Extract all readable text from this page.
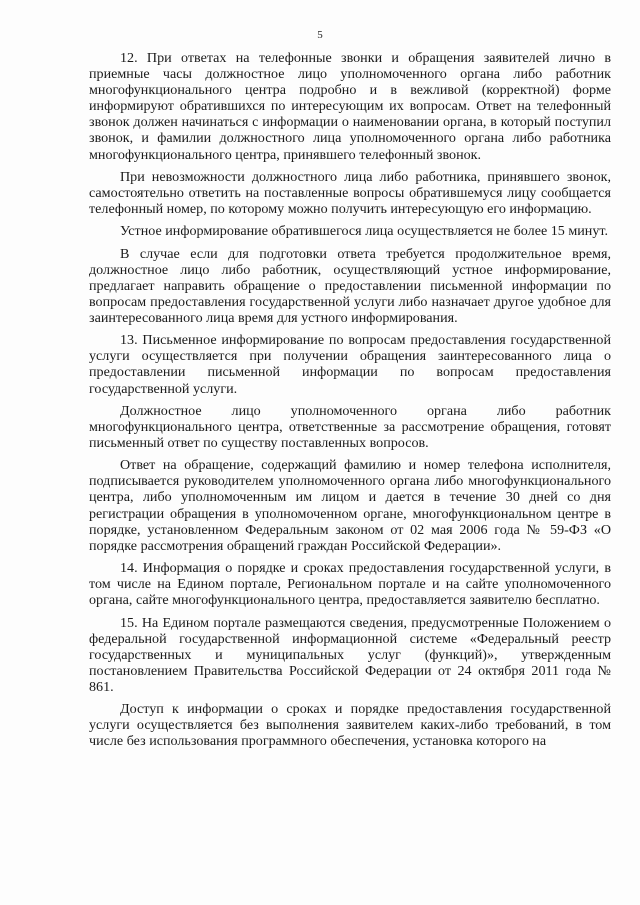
5

12. При ответах на телефонные звонки и обращения заявителей лично в приемные часы должностное лицо уполномоченного органа либо работник многофункционального центра подробно и в вежливой (корректной) форме информируют обратившихся по интересующим их вопросам. Ответ на телефонный звонок должен начинаться с информации о наименовании органа, в который поступил звонок, и фамилии должностного лица уполномоченного органа либо работника многофункционального центра, принявшего телефонный звонок.

При невозможности должностного лица либо работника, принявшего звонок, самостоятельно ответить на поставленные вопросы обратившемуся лицу сообщается телефонный номер, по которому можно получить интересующую его информацию.

Устное информирование обратившегося лица осуществляется не более 15 минут.

В случае если для подготовки ответа требуется продолжительное время, должностное лицо либо работник, осуществляющий устное информирование, предлагает направить обращение о предоставлении письменной информации по вопросам предоставления государственной услуги либо назначает другое удобное для заинтересованного лица время для устного информирования.

13. Письменное информирование по вопросам предоставления государственной услуги осуществляется при получении обращения заинтересованного лица о предоставлении письменной информации по вопросам предоставления государственной услуги.

Должностное лицо уполномоченного органа либо работник многофункционального центра, ответственные за рассмотрение обращения, готовят письменный ответ по существу поставленных вопросов.

Ответ на обращение, содержащий фамилию и номер телефона исполнителя, подписывается руководителем уполномоченного органа либо многофункционального центра, либо уполномоченным им лицом и дается в течение 30 дней со дня регистрации обращения в уполномоченном органе, многофункциональном центре в порядке, установленном Федеральным законом от 02 мая 2006 года № 59-ФЗ «О порядке рассмотрения обращений граждан Российской Федерации».

14. Информация о порядке и сроках предоставления государственной услуги, в том числе на Едином портале, Региональном портале и на сайте уполномоченного органа, сайте многофункционального центра, предоставляется заявителю бесплатно.

15. На Едином портале размещаются сведения, предусмотренные Положением о федеральной государственной информационной системе «Федеральный реестр государственных и муниципальных услуг (функций)», утвержденным постановлением Правительства Российской Федерации от 24 октября 2011 года № 861.

Доступ к информации о сроках и порядке предоставления государственной услуги осуществляется без выполнения заявителем каких-либо требований, в том числе без использования программного обеспечения, установка которого на
